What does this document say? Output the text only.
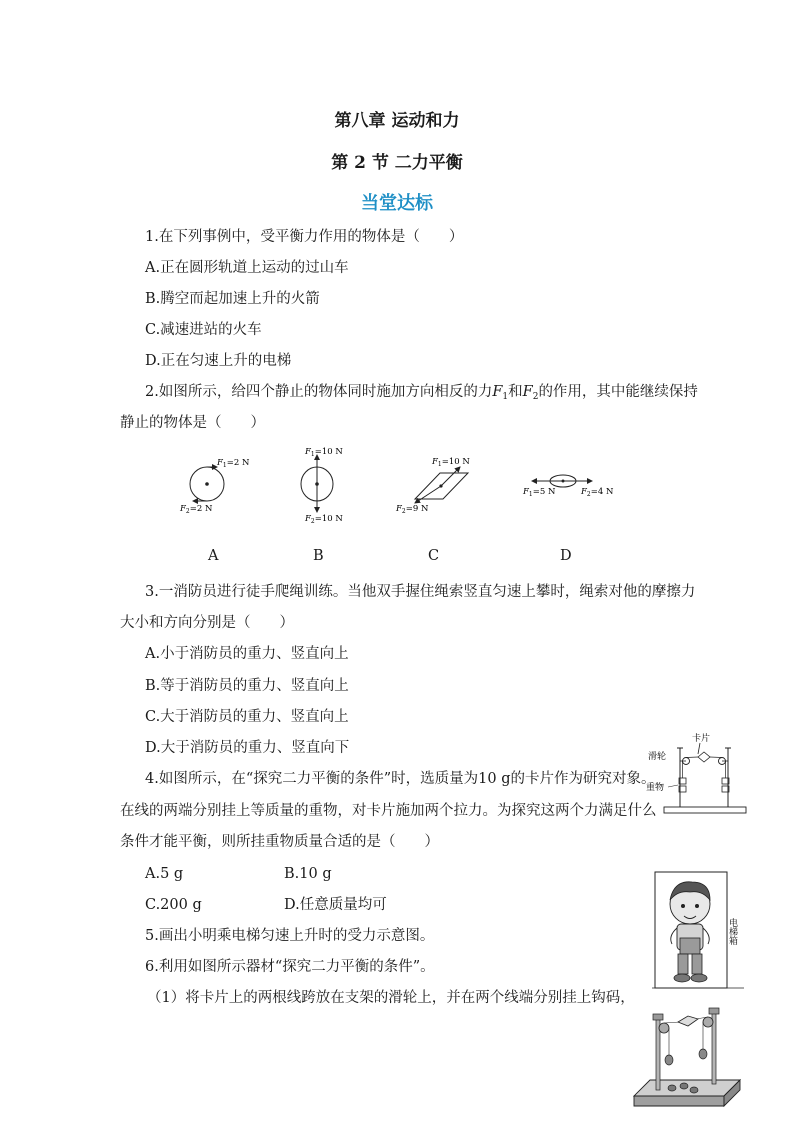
第八章 运动和力
第 2 节 二力平衡
当堂达标
1.在下列事例中，受平衡力作用的物体是（　　）
A.正在圆形轨道上运动的过山车
B.腾空而起加速上升的火箭
C.减速进站的火车
D.正在匀速上升的电梯
2.如图所示，给四个静止的物体同时施加方向相反的力$F_1$和$F_2$的作用，其中能继续保持
静止的物体是（　　）
$F_1=2$ N
$F_2=2$ N
$F_1=10$ N
$F_2=10$ N
$F_1=10$ N
$F_2=9$ N
$F_1=5$ N	$F_2=4$ N
A	B	C	D
3.一消防员进行徒手爬绳训练。当他双手握住绳索竖直匀速上攀时，绳索对他的摩擦力
大小和方向分别是（　　）
A.小于消防员的重力、竖直向上
B.等于消防员的重力、竖直向上
C.大于消防员的重力、竖直向上
D.大于消防员的重力、竖直向下
4.如图所示，在“探究二力平衡的条件”时，选质量为10 g的卡片作为研究对象。
在线的两端分别挂上等质量的重物，对卡片施加两个拉力。为探究这两个力满足什么
条件才能平衡，则所挂重物质量合适的是（　　）
A.5 g	B.10 g
C.200 g	D.任意质量均可
卡片
滑轮
重物
5.画出小明乘电梯匀速上升时的受力示意图。	电梯箱
6.利用如图所示器材“探究二力平衡的条件”。
（1）将卡片上的两根线跨放在支架的滑轮上，并在两个线端分别挂上钩码，
